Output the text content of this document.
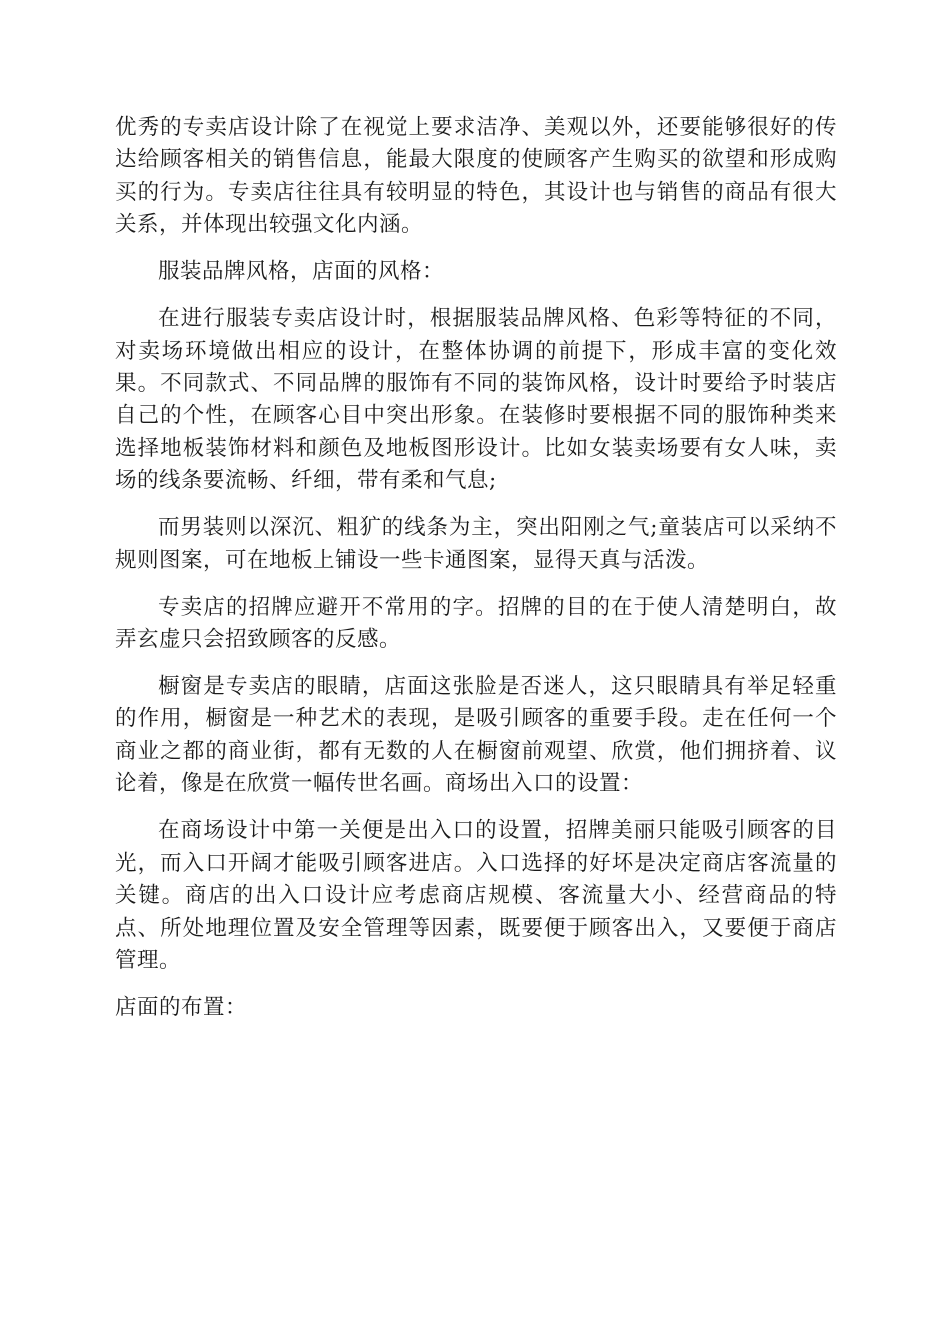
优秀的专卖店设计除了在视觉上要求洁净、美观以外，还要能够很好的传达给顾客相关的销售信息，能最大限度的使顾客产生购买的欲望和形成购买的行为。专卖店往往具有较明显的特色，其设计也与销售的商品有很大关系，并体现出较强文化内涵。

服装品牌风格，店面的风格：

在进行服装专卖店设计时，根据服装品牌风格、色彩等特征的不同，对卖场环境做出相应的设计，在整体协调的前提下，形成丰富的变化效果。不同款式、不同品牌的服饰有不同的装饰风格，设计时要给予时装店自己的个性，在顾客心目中突出形象。在装修时要根据不同的服饰种类来选择地板装饰材料和颜色及地板图形设计。比如女装卖场要有女人味，卖场的线条要流畅、纤细，带有柔和气息;

而男装则以深沉、粗犷的线条为主，突出阳刚之气;童装店可以采纳不规则图案，可在地板上铺设一些卡通图案，显得天真与活泼。

专卖店的招牌应避开不常用的字。招牌的目的在于使人清楚明白，故弄玄虚只会招致顾客的反感。

橱窗是专卖店的眼睛，店面这张脸是否迷人，这只眼睛具有举足轻重的作用，橱窗是一种艺术的表现，是吸引顾客的重要手段。走在任何一个商业之都的商业街，都有无数的人在橱窗前观望、欣赏，他们拥挤着、议论着，像是在欣赏一幅传世名画。商场出入口的设置：

在商场设计中第一关便是出入口的设置，招牌美丽只能吸引顾客的目光，而入口开阔才能吸引顾客进店。入口选择的好坏是决定商店客流量的关键。商店的出入口设计应考虑商店规模、客流量大小、经营商品的特点、所处地理位置及安全管理等因素，既要便于顾客出入，又要便于商店管理。

店面的布置：
